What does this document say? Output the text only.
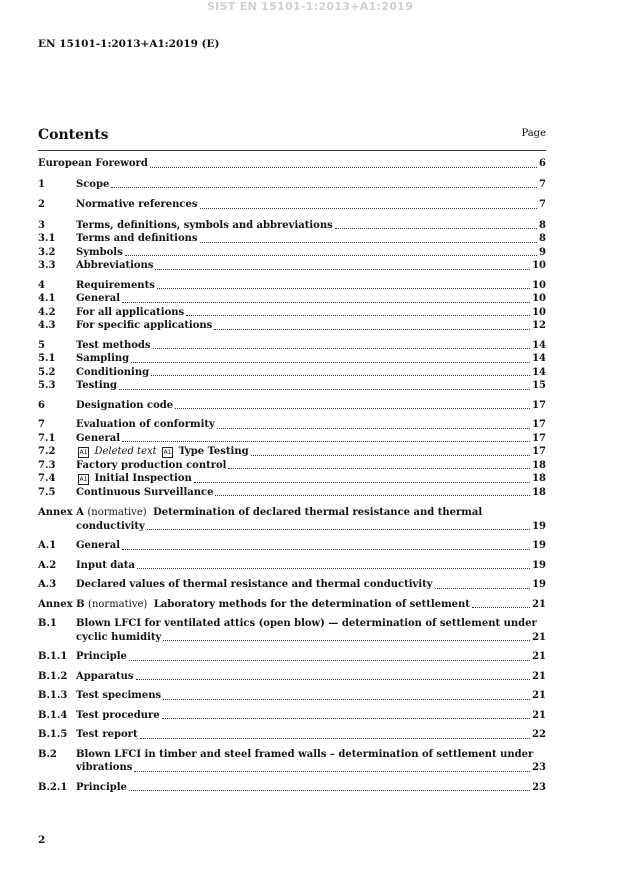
SIST EN 15101-1:2013+A1:2019
EN 15101-1:2013+A1:2019 (E)
Contents	Page
European Foreword	6
1	Scope	7
2	Normative references	7
3	Terms, definitions, symbols and abbreviations	8
3.1	Terms and definitions	8
3.2	Symbols	9
3.3	Abbreviations	10
4	Requirements	10
4.1	General	10
4.2	For all applications	10
4.3	For specific applications	12
5	Test methods	14
5.1	Sampling	14
5.2	Conditioning	14
5.3	Testing	15
6	Designation code	17
7	Evaluation of conformity	17
7.1	General	17
7.2	A1 Deleted text A1 Type Testing	17
7.3	Factory production control	18
7.4	A1 Initial Inspection	18
7.5	Continuous Surveillance	18
Annex A (normative) Determination of declared thermal resistance and thermal
conductivity	19
A.1	General	19
A.2	Input data	19
A.3	Declared values of thermal resistance and thermal conductivity	19
Annex B (normative) Laboratory methods for the determination of settlement	21
B.1	Blown LFCI for ventilated attics (open blow) — determination of settlement under
cyclic humidity	21
B.1.1 Principle	21
B.1.2 Apparatus	21
B.1.3 Test specimens	21
B.1.4 Test procedure	21
B.1.5 Test report	22
B.2	Blown LFCI in timber and steel framed walls – determination of settlement under
vibrations	23
B.2.1 Principle	23
2
